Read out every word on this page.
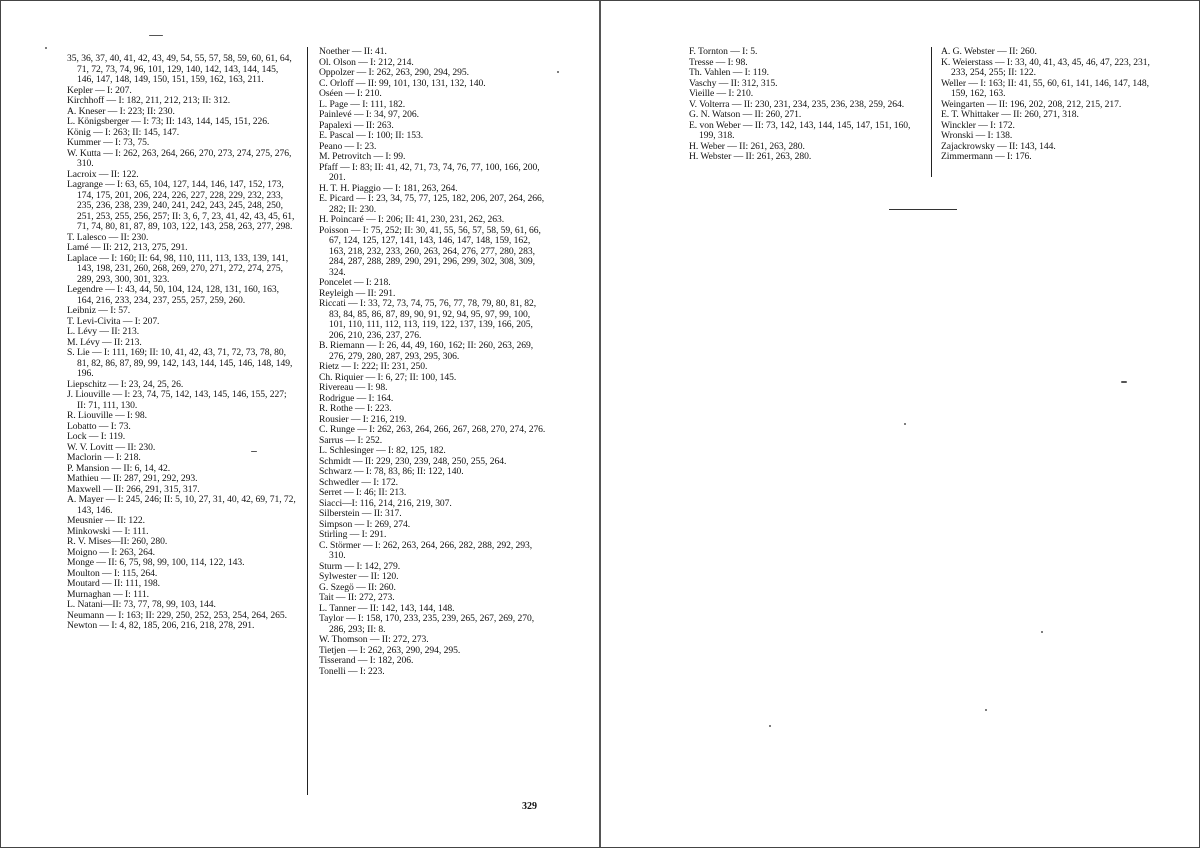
35, 36, 37, 40, 41, 42, 43, 49, 54, 55, 57, 58, 59, 60, 61, 64, 71, 72, 73, 74, 96, 101, 129, 140, 142, 143, 144, 145, 146, 147, 148, 149, 150, 151, 159, 162, 163, 211.
Kepler — I: 207.
Kirchhoff — I: 182, 211, 212, 213; II: 312.
A. Kneser — I: 223; II: 230.
L. Königsberger — I: 73; II: 143, 144, 145, 151, 226.
König — I: 263; II: 145, 147.
Kummer — I: 73, 75.
W. Kutta — I: 262, 263, 264, 266, 270, 273, 274, 275, 276, 310.
Lacroix — II: 122.
Lagrange — I: 63, 65, 104, 127, 144, 146, 147, 152, 173, 174, 175, 201, 206, 224, 226, 227, 228, 229, 232, 233, 235, 236, 238, 239, 240, 241, 242, 243, 245, 248, 250, 251, 253, 255, 256, 257; II: 3, 6, 7, 23, 41, 42, 43, 45, 61, 71, 74, 80, 81, 87, 89, 103, 122, 143, 258, 263, 277, 298.
T. Lalesco — II: 230.
Lamé — II: 212, 213, 275, 291.
Laplace — I: 160; II: 64, 98, 110, 111, 113, 133, 139, 141, 143, 198, 231, 260, 268, 269, 270, 271, 272, 274, 275, 289, 293, 300, 301, 323.
Legendre — I: 43, 44, 50, 104, 124, 128, 131, 160, 163, 164, 216, 233, 234, 237, 255, 257, 259, 260.
Leibniz — I: 57.
T. Levi-Civita — I: 207.
L. Lévy — II: 213.
M. Lévy — II: 213.
S. Lie — I: 111, 169; II: 10, 41, 42, 43, 71, 72, 73, 78, 80, 81, 82, 86, 87, 89, 99, 142, 143, 144, 145, 146, 148, 149, 196.
Liepschitz — I: 23, 24, 25, 26.
J. Liouville — I: 23, 74, 75, 142, 143, 145, 146, 155, 227; II: 71, 111, 130.
R. Liouville — I: 98.
Lobatto — I: 73.
Lock — I: 119.
W. V. Lovitt — II: 230.
Maclorin — I: 218.
P. Mansion — II: 6, 14, 42.
Mathieu — II: 287, 291, 292, 293.
Maxwell — II: 266, 291, 315, 317.
A. Mayer — I: 245, 246; II: 5, 10, 27, 31, 40, 42, 69, 71, 72, 143, 146.
Meusnier — II: 122.
Minkowski — I: 111.
R. V. Mises—II: 260, 280.
Moigno — I: 263, 264.
Monge — II: 6, 75, 98, 99, 100, 114, 122, 143.
Moulton — I: 115, 264.
Moutard — II: 111, 198.
Murnaghan — I: 111.
L. Natani—II: 73, 77, 78, 99, 103, 144.
Neumann — I: 163; II: 229, 250, 252, 253, 254, 264, 265.
Newton — I: 4, 82, 185, 206, 216, 218, 278, 291.
Noether — II: 41.
Ol. Olson — I: 212, 214.
Oppolzer — I: 262, 263, 290, 294, 295.
C. Orloff — II: 99, 101, 130, 131, 132, 140.
Oséen — I: 210.
L. Page — I: 111, 182.
Painlevé — I: 34, 97, 206.
Papalexi — II: 263.
E. Pascal — I: 100; II: 153.
Peano — I: 23.
M. Petrovitch — I: 99.
Pfaff — I: 83; II: 41, 42, 71, 73, 74, 76, 77, 100, 166, 200, 201.
H. T. H. Piaggio — I: 181, 263, 264.
E. Picard — I: 23, 34, 75, 77, 125, 182, 206, 207, 264, 266, 282; II: 230.
H. Poincaré — I: 206; II: 41, 230, 231, 262, 263.
Poisson — I: 75, 252; II: 30, 41, 55, 56, 57, 58, 59, 61, 66, 67, 124, 125, 127, 141, 143, 146, 147, 148, 159, 162, 163, 218, 232, 233, 260, 263, 264, 276, 277, 280, 283, 284, 287, 288, 289, 290, 291, 296, 299, 302, 308, 309, 324.
Poncelet — I: 218.
Reyleigh — II: 291.
Riccati — I: 33, 72, 73, 74, 75, 76, 77, 78, 79, 80, 81, 82, 83, 84, 85, 86, 87, 89, 90, 91, 92, 94, 95, 97, 99, 100, 101, 110, 111, 112, 113, 119, 122, 137, 139, 166, 205, 206, 210, 236, 237, 276.
B. Riemann — I: 26, 44, 49, 160, 162; II: 260, 263, 269, 276, 279, 280, 287, 293, 295, 306.
Rietz — I: 222; II: 231, 250.
Ch. Riquier — I: 6, 27; II: 100, 145.
Rivereau — I: 98.
Rodrigue — I: 164.
R. Rothe — I: 223.
Rousier — I: 216, 219.
C. Runge — I: 262, 263, 264, 266, 267, 268, 270, 274, 276.
Sarrus — I: 252.
L. Schlesinger — I: 82, 125, 182.
Schmidt — II: 229, 230, 239, 248, 250, 255, 264.
Schwarz — I: 78, 83, 86; II: 122, 140.
Schwedler — I: 172.
Serret — I: 46; II: 213.
Siacci—I: 116, 214, 216, 219, 307.
Silberstein — II: 317.
Simpson — I: 269, 274.
Stirling — I: 291.
C. Störmer — I: 262, 263, 264, 266, 282, 288, 292, 293, 310.
Sturm — I: 142, 279.
Sylwester — II: 120.
G. Szegö — II: 260.
Tait — II: 272, 273.
L. Tanner — II: 142, 143, 144, 148.
Taylor — I: 158, 170, 233, 235, 239, 265, 267, 269, 270, 286, 293; II: 8.
W. Thomson — II: 272, 273.
Tietjen — I: 262, 263, 290, 294, 295.
Tisserand — I: 182, 206.
Tonelli — I: 223.
329
F. Tornton — I: 5.
Tresse — I: 98.
Th. Vahlen — I: 119.
Vaschy — II: 312, 315.
Vieille — I: 210.
V. Volterra — II: 230, 231, 234, 235, 236, 238, 259, 264.
G. N. Watson — II: 260, 271.
E. von Weber — II: 73, 142, 143, 144, 145, 147, 151, 160, 199, 318.
H. Weber — II: 261, 263, 280.
H. Webster — II: 261, 263, 280.
A. G. Webster — II: 260.
K. Weierstass — I: 33, 40, 41, 43, 45, 46, 47, 223, 231, 233, 254, 255; II: 122.
Weller — I: 163; II: 41, 55, 60, 61, 141, 146, 147, 148, 159, 162, 163.
Weingarten — II: 196, 202, 208, 212, 215, 217.
E. T. Whittaker — II: 260, 271, 318.
Winckler — I: 172.
Wronski — I: 138.
Zajackrowsky — II: 143, 144.
Zimmermann — I: 176.
